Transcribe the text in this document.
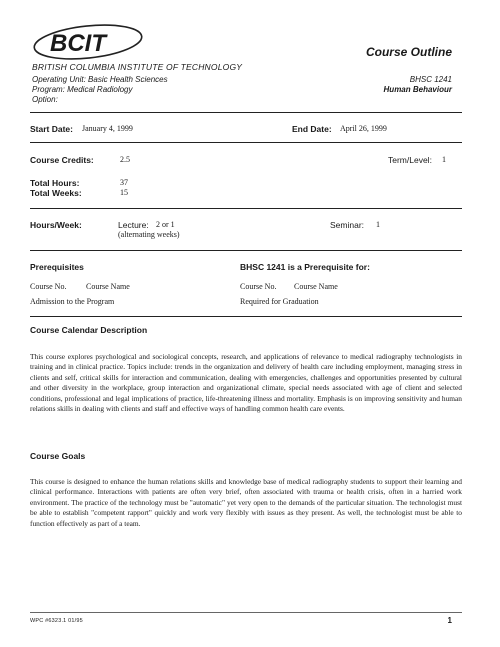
BCIT
BRITISH COLUMBIA INSTITUTE OF TECHNOLOGY
Course Outline
Operating Unit: Basic Health Sciences
Program: Medical Radiology
Option:
BHSC 1241
Human Behaviour
Start Date: January 4, 1999	End Date: April 26, 1999
Course Credits:	2.5	Term/Level: 1
Total Hours:	37
Total Weeks:	15
Hours/Week:	Lecture: 2 or 1
(alternating weeks)
Seminar: 1
Prerequisites
Course No. Course Name
Admission to the Program
BHSC 1241 is a Prerequisite for:
Course No. Course Name
Required for Graduation
Course Calendar Description
This course explores psychological and sociological concepts, research, and applications of relevance to medical radiography technologists in training and in clinical practice. Topics include: trends in the organization and delivery of health care including employment, managing stress in clients and self, critical skills for interaction and communication, dealing with emergencies, challenges and opportunities presented by cultural and other diversity in the workplace, group interaction and organizational climate, special needs associated with age of client and selected conditions, professional and legal implications of practice, life-threatening illness and mortality. Emphasis is on improving sensitivity and human relations skills in dealing with clients and staff and effective ways of handling common health care events.
Course Goals
This course is designed to enhance the human relations skills and knowledge base of medical radiography students to support their learning and clinical performance. Interactions with patients are often very brief, often associated with trauma or health crisis, often in a harried work environment. The practice of the technology must be "automatic" yet very open to the demands of the particular situation. The technologist must be able to establish "competent rapport" quickly and work very flexibly with issues as they present. As well, the technologist must be able to function effectively as part of a team.
WPC #6323.1 01/95	1
